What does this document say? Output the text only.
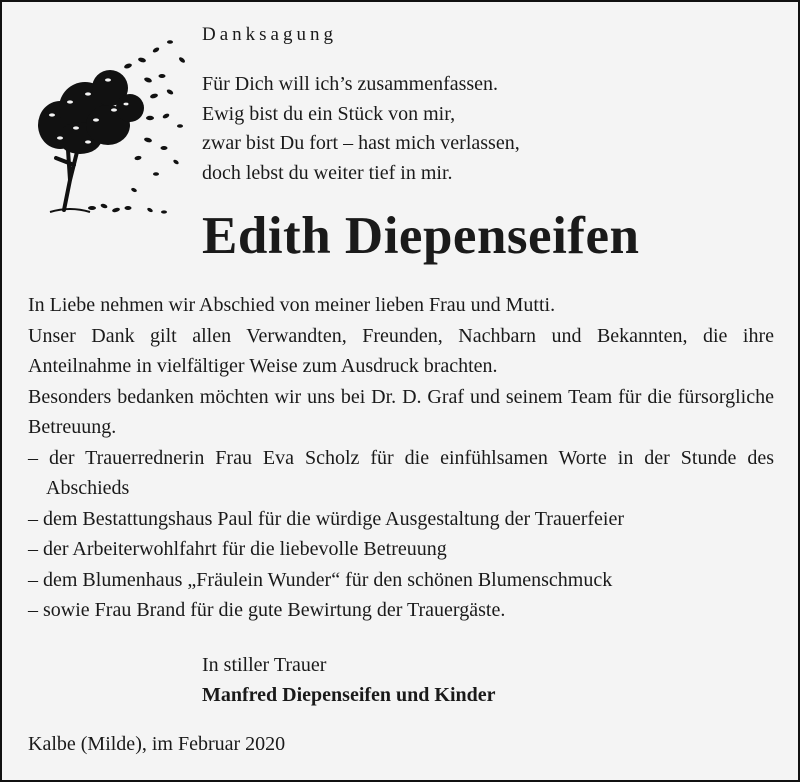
Danksagung
Für Dich will ich’s zusammenfassen.
Ewig bist du ein Stück von mir,
zwar bist Du fort – hast mich verlassen,
doch lebst du weiter tief in mir.
Edith Diepenseifen
In Liebe nehmen wir Abschied von meiner lieben Frau und Mutti.
Unser Dank gilt allen Verwandten, Freunden, Nachbarn und Bekannten, die ihre Anteilnahme in vielfältiger Weise zum Ausdruck brachten.
Besonders bedanken möchten wir uns bei Dr. D. Graf und seinem Team für die fürsorgliche Betreuung.
– der Trauerrednerin Frau Eva Scholz für die einfühlsamen Worte in der Stunde des Abschieds
– dem Bestattungshaus Paul für die würdige Ausgestaltung der Trauerfeier
– der Arbeiterwohlfahrt für die liebevolle Betreuung
– dem Blumenhaus „Fräulein Wunder“ für den schönen Blumenschmuck
– sowie Frau Brand für die gute Bewirtung der Trauergäste.
In stiller Trauer
Manfred Diepenseifen und Kinder
Kalbe (Milde), im Februar 2020
